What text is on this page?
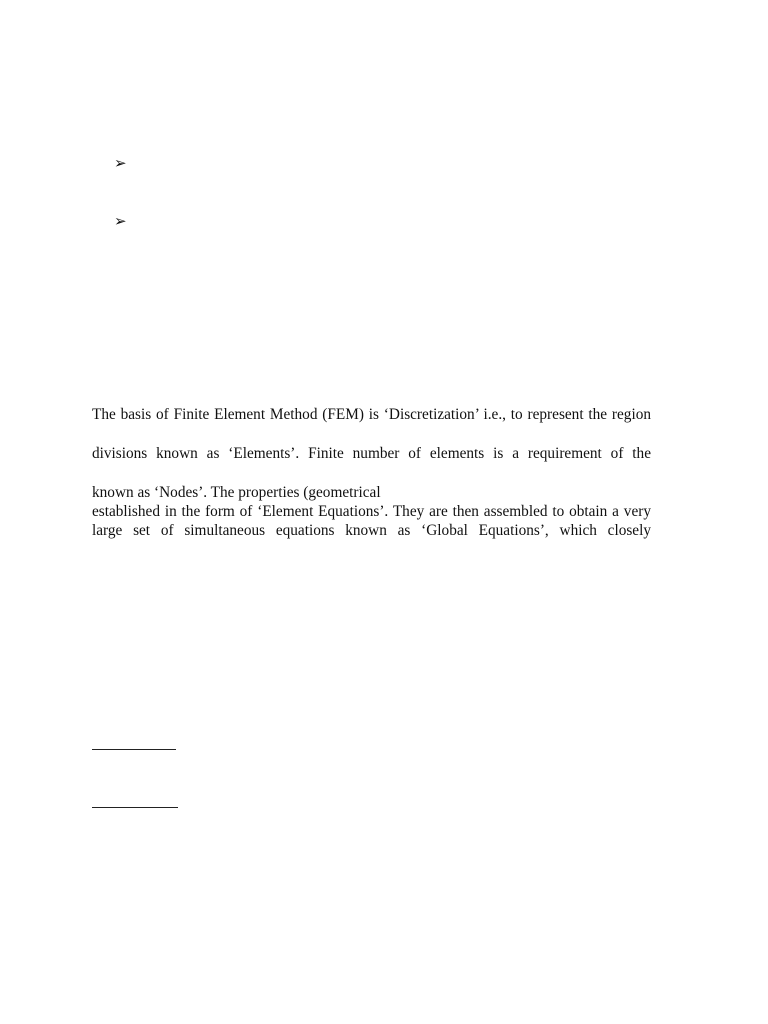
➢
➢
The basis of Finite Element Method (FEM) is ‘Discretization’ i.e., to represent the region
divisions known as ‘Elements’. Finite number of elements is a requirement of the
known as ‘Nodes’. The properties (geometrical
established in the form of ‘Element Equations’. They are then assembled to obtain a very
large set of simultaneous equations known as ‘Global Equations’, which closely
